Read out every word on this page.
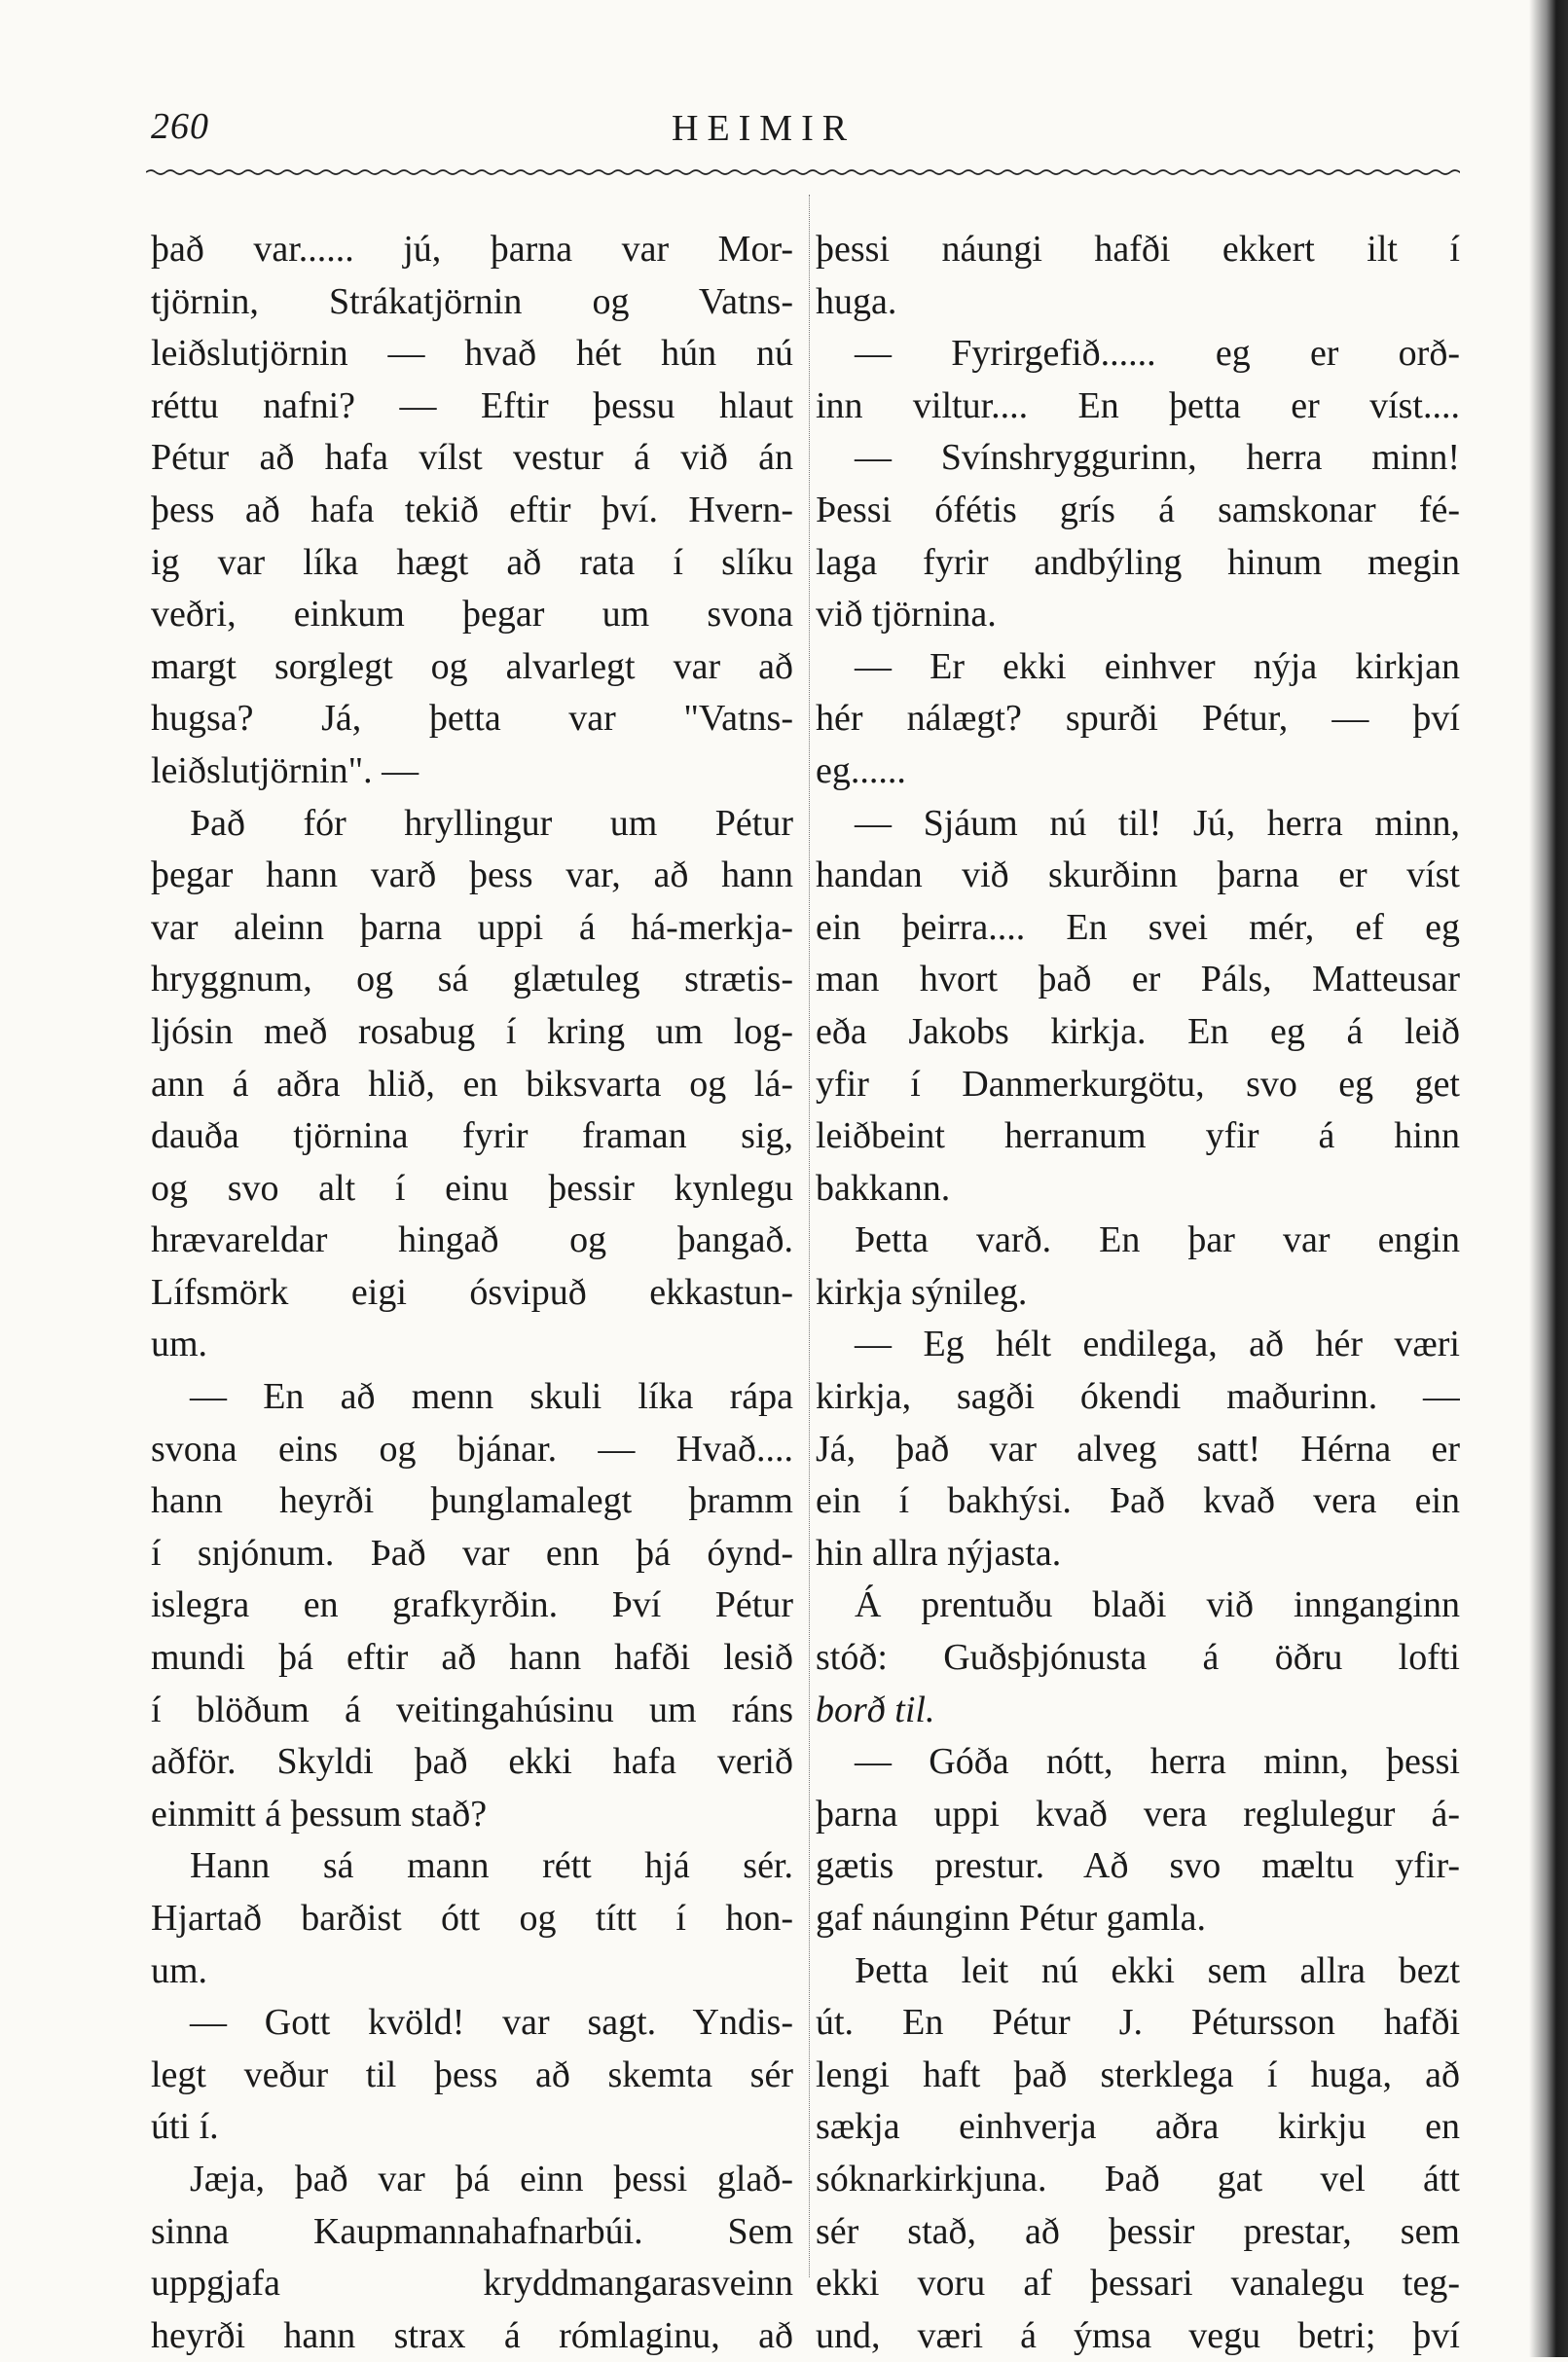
260	HEIMIR
það var...... jú, þarna var Mor-
tjörnin, Strákatjörnin og Vatns-
leiðslutjörnin — hvað hét hún nú
réttu nafni? — Eftir þessu hlaut
Pétur að hafa vílst vestur á við án
þess að hafa tekið eftir því. Hvern-
ig var líka hægt að rata í slíku
veðri, einkum þegar um svona
margt sorglegt og alvarlegt var að
hugsa? Já, þetta var "Vatns-
leiðslutjörnin". —
Það fór hryllingur um Pétur
þegar hann varð þess var, að hann
var aleinn þarna uppi á há-merkja-
hryggnum, og sá glætuleg strætis-
ljósin með rosabug í kring um log-
ann á aðra hlið, en biksvarta og lá-
dauða tjörnina fyrir framan sig,
og svo alt í einu þessir kynlegu
hrævareldar hingað og þangað.
Lífsmörk eigi ósvipuð ekkastun-
um.
— En að menn skuli líka rápa
svona eins og bjánar. — Hvað....
hann heyrði þunglamalegt þramm
í snjónum. Það var enn þá óynd-
islegra en grafkyrðin. Því Pétur
mundi þá eftir að hann hafði lesið
í blöðum á veitingahúsinu um ráns
aðför. Skyldi það ekki hafa verið
einmitt á þessum stað?
Hann sá mann rétt hjá sér.
Hjartað barðist ótt og títt í hon-
um.
— Gott kvöld! var sagt. Yndis-
legt veður til þess að skemta sér
úti í.
Jæja, það var þá einn þessi glað-
sinna Kaupmannahafnarbúi. Sem
uppgjafa kryddmangarasveinn
heyrði hann strax á rómlaginu, að
þessi náungi hafði ekkert ilt í
huga.
— Fyrirgefið...... eg er orð-
inn viltur.... En þetta er víst....
— Svínshryggurinn, herra minn!
Þessi ófétis grís á samskonar fé-
laga fyrir andbýling hinum megin
við tjörnina.
— Er ekki einhver nýja kirkjan
hér nálægt? spurði Pétur, — því
eg......
— Sjáum nú til! Jú, herra minn,
handan við skurðinn þarna er víst
ein þeirra.... En svei mér, ef eg
man hvort það er Páls, Matteusar
eða Jakobs kirkja. En eg á leið
yfir í Danmerkurgötu, svo eg get
leiðbeint herranum yfir á hinn
bakkann.
Þetta varð. En þar var engin
kirkja sýnileg.
— Eg hélt endilega, að hér væri
kirkja, sagði ókendi maðurinn. —
Já, það var alveg satt! Hérna er
ein í bakhýsi. Það kvað vera ein
hin allra nýjasta.
Á prentuðu blaði við innganginn
stóð: Guðsþjónusta á öðru lofti
borð til.
— Góða nótt, herra minn, þessi
þarna uppi kvað vera reglulegur á-
gætis prestur. Að svo mæltu yfir-
gaf náunginn Pétur gamla.
Þetta leit nú ekki sem allra bezt
út. En Pétur J. Pétursson hafði
lengi haft það sterklega í huga, að
sækja einhverja aðra kirkju en
sóknarkirkjuna. Það gat vel átt
sér stað, að þessir prestar, sem
ekki voru af þessari vanalegu teg-
und, væri á ýmsa vegu betri; því
